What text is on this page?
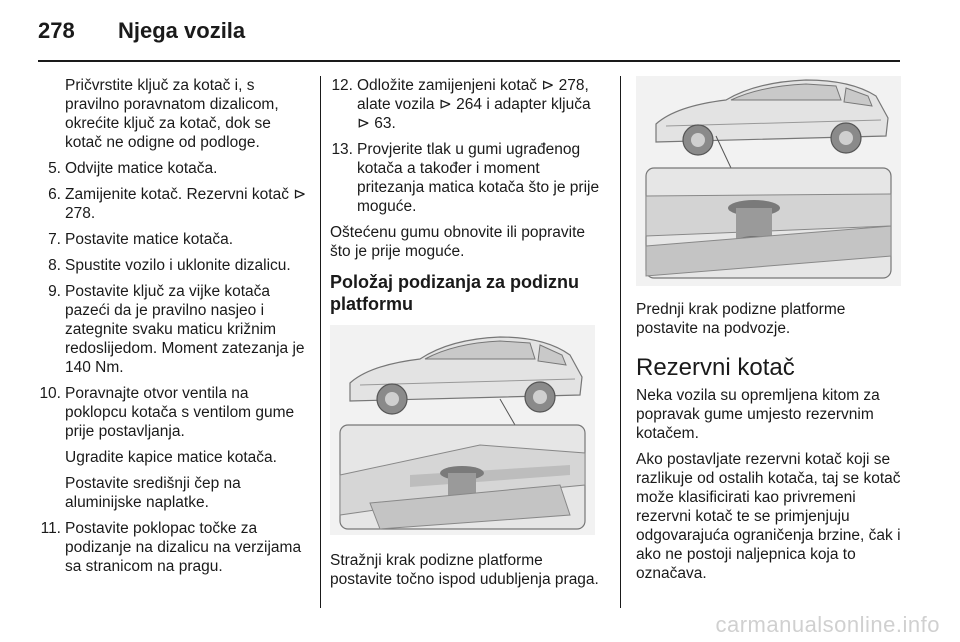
278 Njega vozila
Pričvrstite ključ za kotač i, s pravilno poravnatom dizalicom, okrećite ključ za kotač, dok se kotač ne odigne od podloge.
5. Odvijte matice kotača.
6. Zamijenite kotač. Rezervni kotač ⊳ 278.
7. Postavite matice kotača.
8. Spustite vozilo i uklonite dizalicu.
9. Postavite ključ za vijke kotača pazeći da je pravilno nasjeo i zategnite svaku maticu križnim redoslijedom. Moment zatezanja je 140 Nm.
10. Poravnajte otvor ventila na poklopcu kotača s ventilom gume prije postavljanja.
Ugradite kapice matice kotača.
Postavite središnji čep na aluminijske naplatke.
11. Postavite poklopac točke za podizanje na dizalicu na verzijama sa stranicom na pragu.
12. Odložite zamijenjeni kotač ⊳ 278, alate vozila ⊳ 264 i adapter ključa ⊳ 63.
13. Provjerite tlak u gumi ugrađenog kotača a također i moment pritezanja matica kotača što je prije moguće.
Oštećenu gumu obnovite ili popravite što je prije moguće.
Položaj podizanja za podiznu platformu
Stražnji krak podizne platforme postavite točno ispod udubljenja praga.
Prednji krak podizne platforme postavite na podvozje.
Rezervni kotač
Neka vozila su opremljena kitom za popravak gume umjesto rezervnim kotačem.
Ako postavljate rezervni kotač koji se razlikuje od ostalih kotača, taj se kotač može klasificirati kao privremeni rezervni kotač te se primjenjuju odgovarajuća ograničenja brzine, čak i ako ne postoji naljepnica koja to označava.
carmanualsonline.info
